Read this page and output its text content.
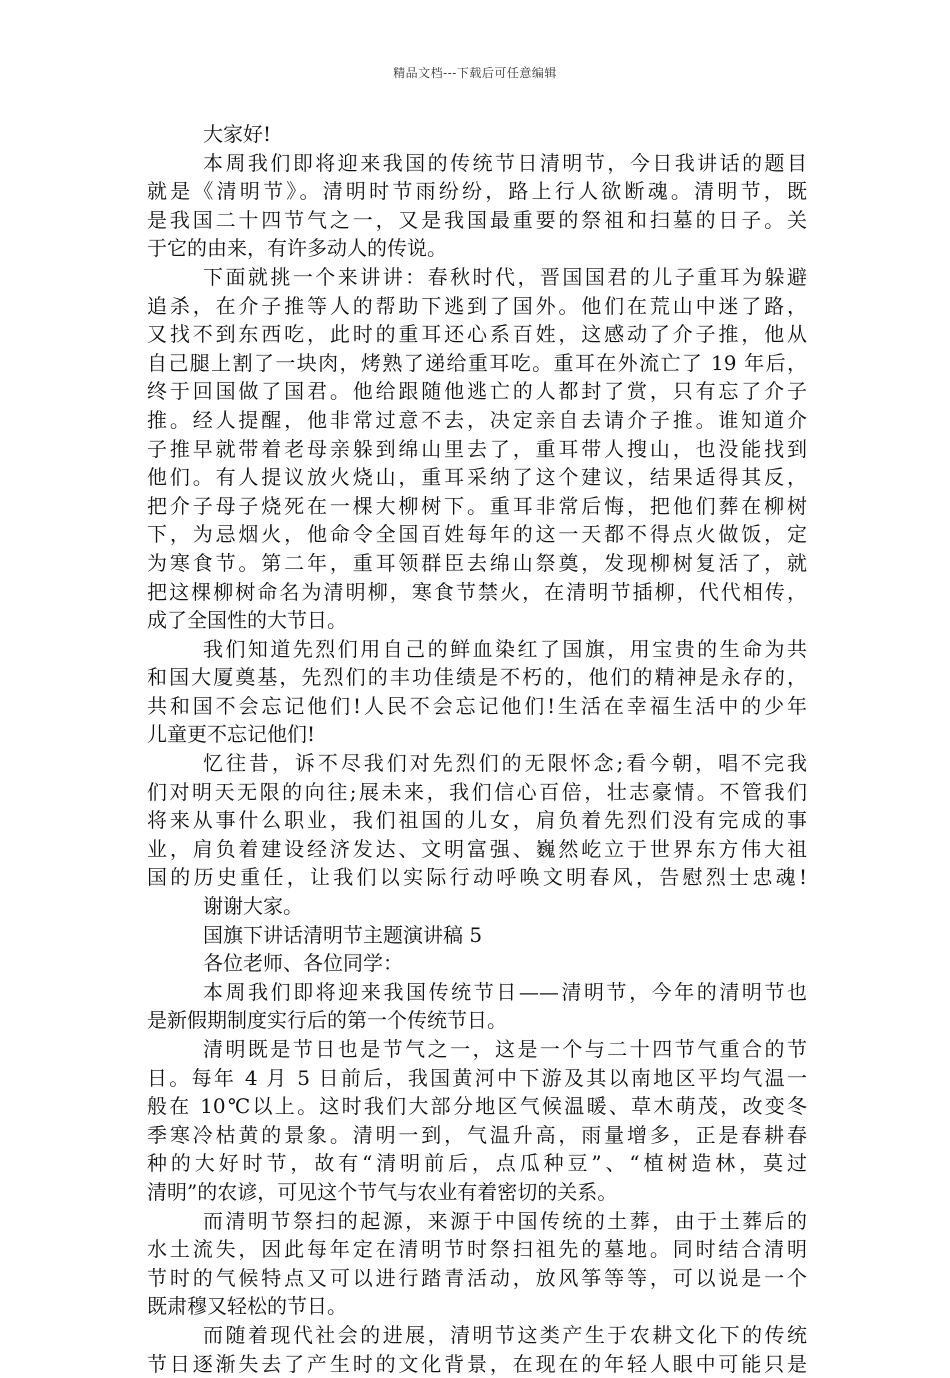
精品文档---下载后可任意编辑
大家好!
本周我们即将迎来我国的传统节日清明节，今日我讲话的题目
就是《清明节》。清明时节雨纷纷，路上行人欲断魂。清明节，既
是我国二十四节气之一，又是我国最重要的祭祖和扫墓的日子。关
于它的由来，有许多动人的传说。
下面就挑一个来讲讲：春秋时代，晋国国君的儿子重耳为躲避
追杀，在介子推等人的帮助下逃到了国外。他们在荒山中迷了路，
又找不到东西吃，此时的重耳还心系百姓，这感动了介子推，他从
自己腿上割了一块肉，烤熟了递给重耳吃。重耳在外流亡了 19 年后，
终于回国做了国君。他给跟随他逃亡的人都封了赏，只有忘了介子
推。经人提醒，他非常过意不去，决定亲自去请介子推。谁知道介
子推早就带着老母亲躲到绵山里去了，重耳带人搜山，也没能找到
他们。有人提议放火烧山，重耳采纳了这个建议，结果适得其反，
把介子母子烧死在一棵大柳树下。重耳非常后悔，把他们葬在柳树
下，为忌烟火，他命令全国百姓每年的这一天都不得点火做饭，定
为寒食节。第二年，重耳领群臣去绵山祭奠，发现柳树复活了，就
把这棵柳树命名为清明柳，寒食节禁火，在清明节插柳，代代相传，
成了全国性的大节日。
我们知道先烈们用自己的鲜血染红了国旗，用宝贵的生命为共
和国大厦奠基，先烈们的丰功佳绩是不朽的，他们的精神是永存的，
共和国不会忘记他们!人民不会忘记他们!生活在幸福生活中的少年
儿童更不忘记他们!
忆往昔，诉不尽我们对先烈们的无限怀念;看今朝，唱不完我
们对明天无限的向往;展未来，我们信心百倍，壮志豪情。不管我们
将来从事什么职业，我们祖国的儿女，肩负着先烈们没有完成的事
业，肩负着建设经济发达、文明富强、巍然屹立于世界东方伟大祖
国的历史重任，让我们以实际行动呼唤文明春风，告慰烈士忠魂!
谢谢大家。
国旗下讲话清明节主题演讲稿 5
各位老师、各位同学：
本周我们即将迎来我国传统节日——清明节，今年的清明节也
是新假期制度实行后的第一个传统节日。
清明既是节日也是节气之一，这是一个与二十四节气重合的节
日。每年 4 月 5 日前后，我国黄河中下游及其以南地区平均气温一
般在 10℃以上。这时我们大部分地区气候温暖、草木萌茂，改变冬
季寒冷枯黄的景象。清明一到，气温升高，雨量增多，正是春耕春
种的大好时节，故有“清明前后，点瓜种豆”、“植树造林，莫过
清明”的农谚，可见这个节气与农业有着密切的关系。
而清明节祭扫的起源，来源于中国传统的土葬，由于土葬后的
水土流失，因此每年定在清明节时祭扫祖先的墓地。同时结合清明
节时的气候特点又可以进行踏青活动，放风筝等等，可以说是一个
既肃穆又轻松的节日。
而随着现代社会的进展，清明节这类产生于农耕文化下的传统
节日逐渐失去了产生时的文化背景，在现在的年轻人眼中可能只是
